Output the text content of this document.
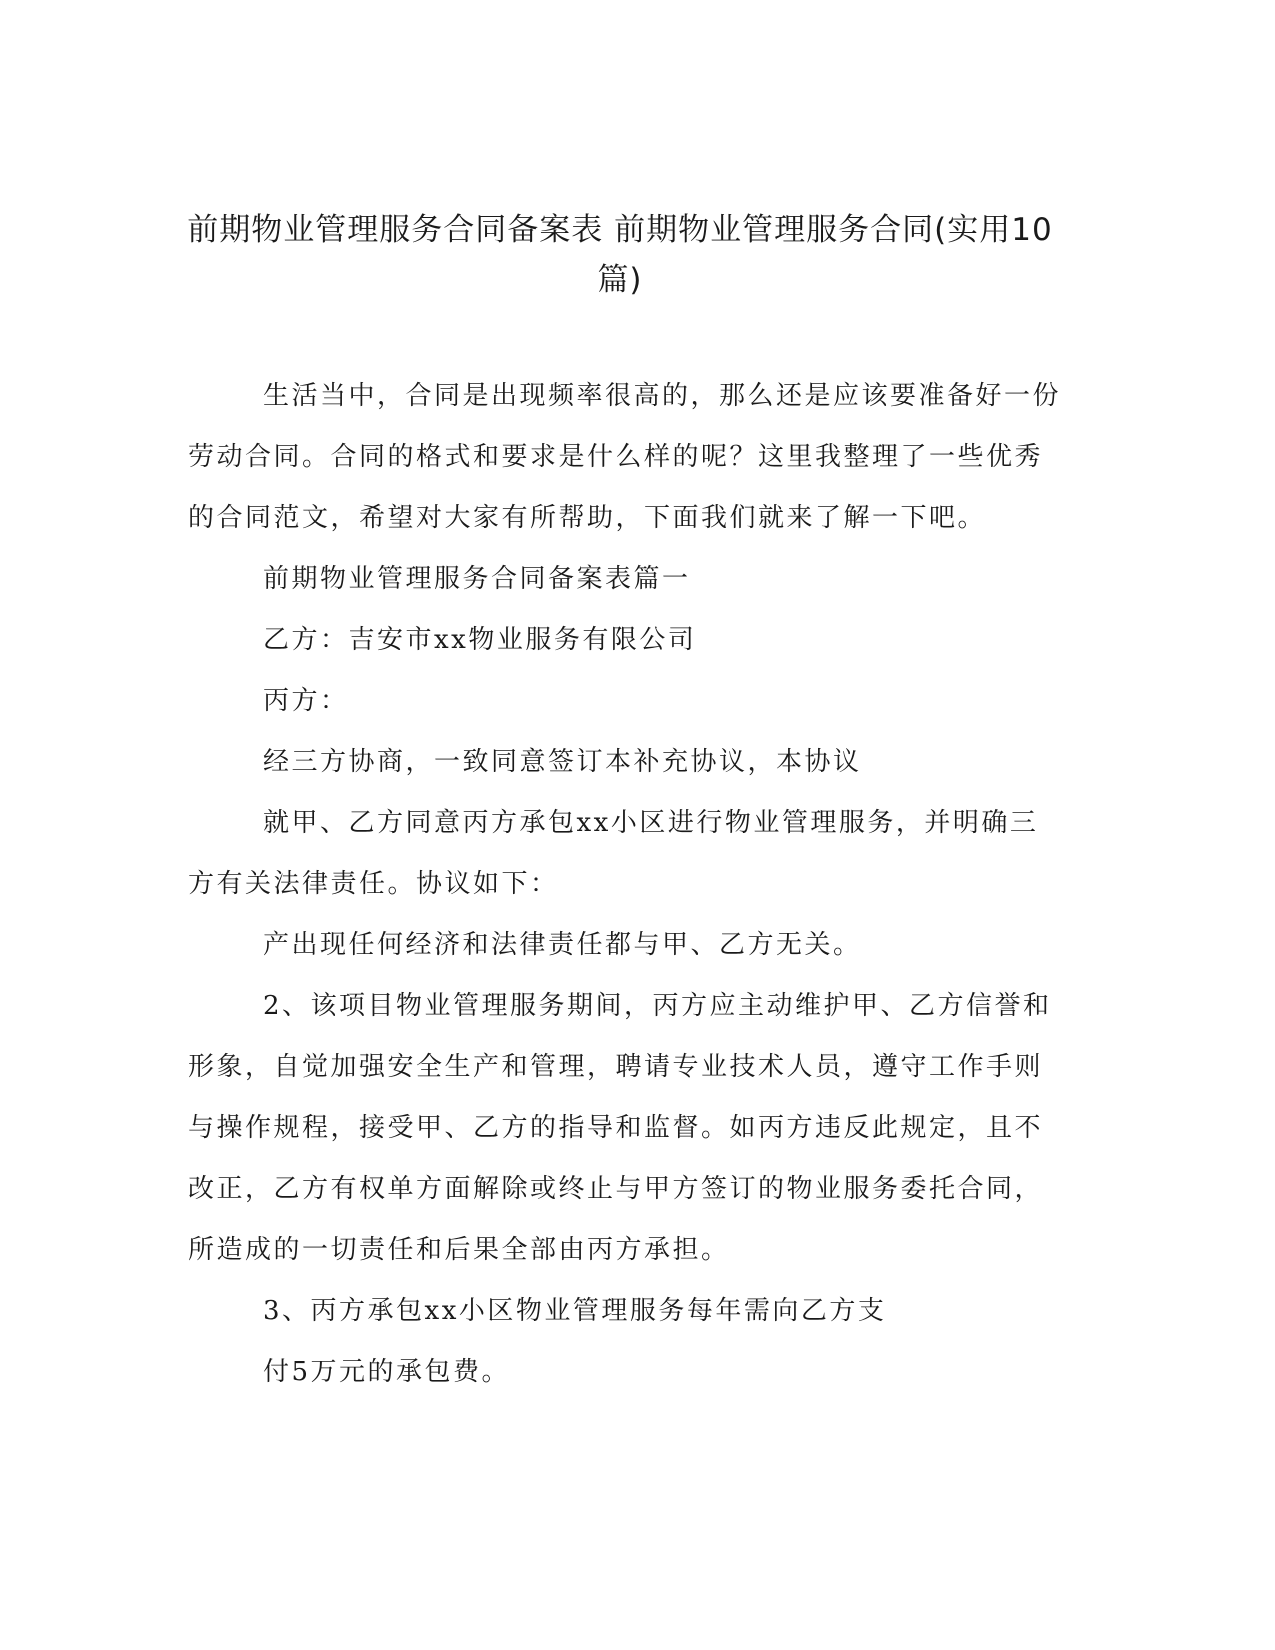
前期物业管理服务合同备案表 前期物业管理服务合同(实用10篇)

生活当中，合同是出现频率很高的，那么还是应该要准备好一份劳动合同。合同的格式和要求是什么样的呢？这里我整理了一些优秀的合同范文，希望对大家有所帮助，下面我们就来了解一下吧。

前期物业管理服务合同备案表篇一

乙方：吉安市xx物业服务有限公司

丙方：

经三方协商，一致同意签订本补充协议，本协议

就甲、乙方同意丙方承包xx小区进行物业管理服务，并明确三方有关法律责任。协议如下：

产出现任何经济和法律责任都与甲、乙方无关。

2、该项目物业管理服务期间，丙方应主动维护甲、乙方信誉和形象，自觉加强安全生产和管理，聘请专业技术人员，遵守工作手则与操作规程，接受甲、乙方的指导和监督。如丙方违反此规定，且不改正，乙方有权单方面解除或终止与甲方签订的物业服务委托合同，所造成的一切责任和后果全部由丙方承担。

3、丙方承包xx小区物业管理服务每年需向乙方支

付5万元的承包费。
